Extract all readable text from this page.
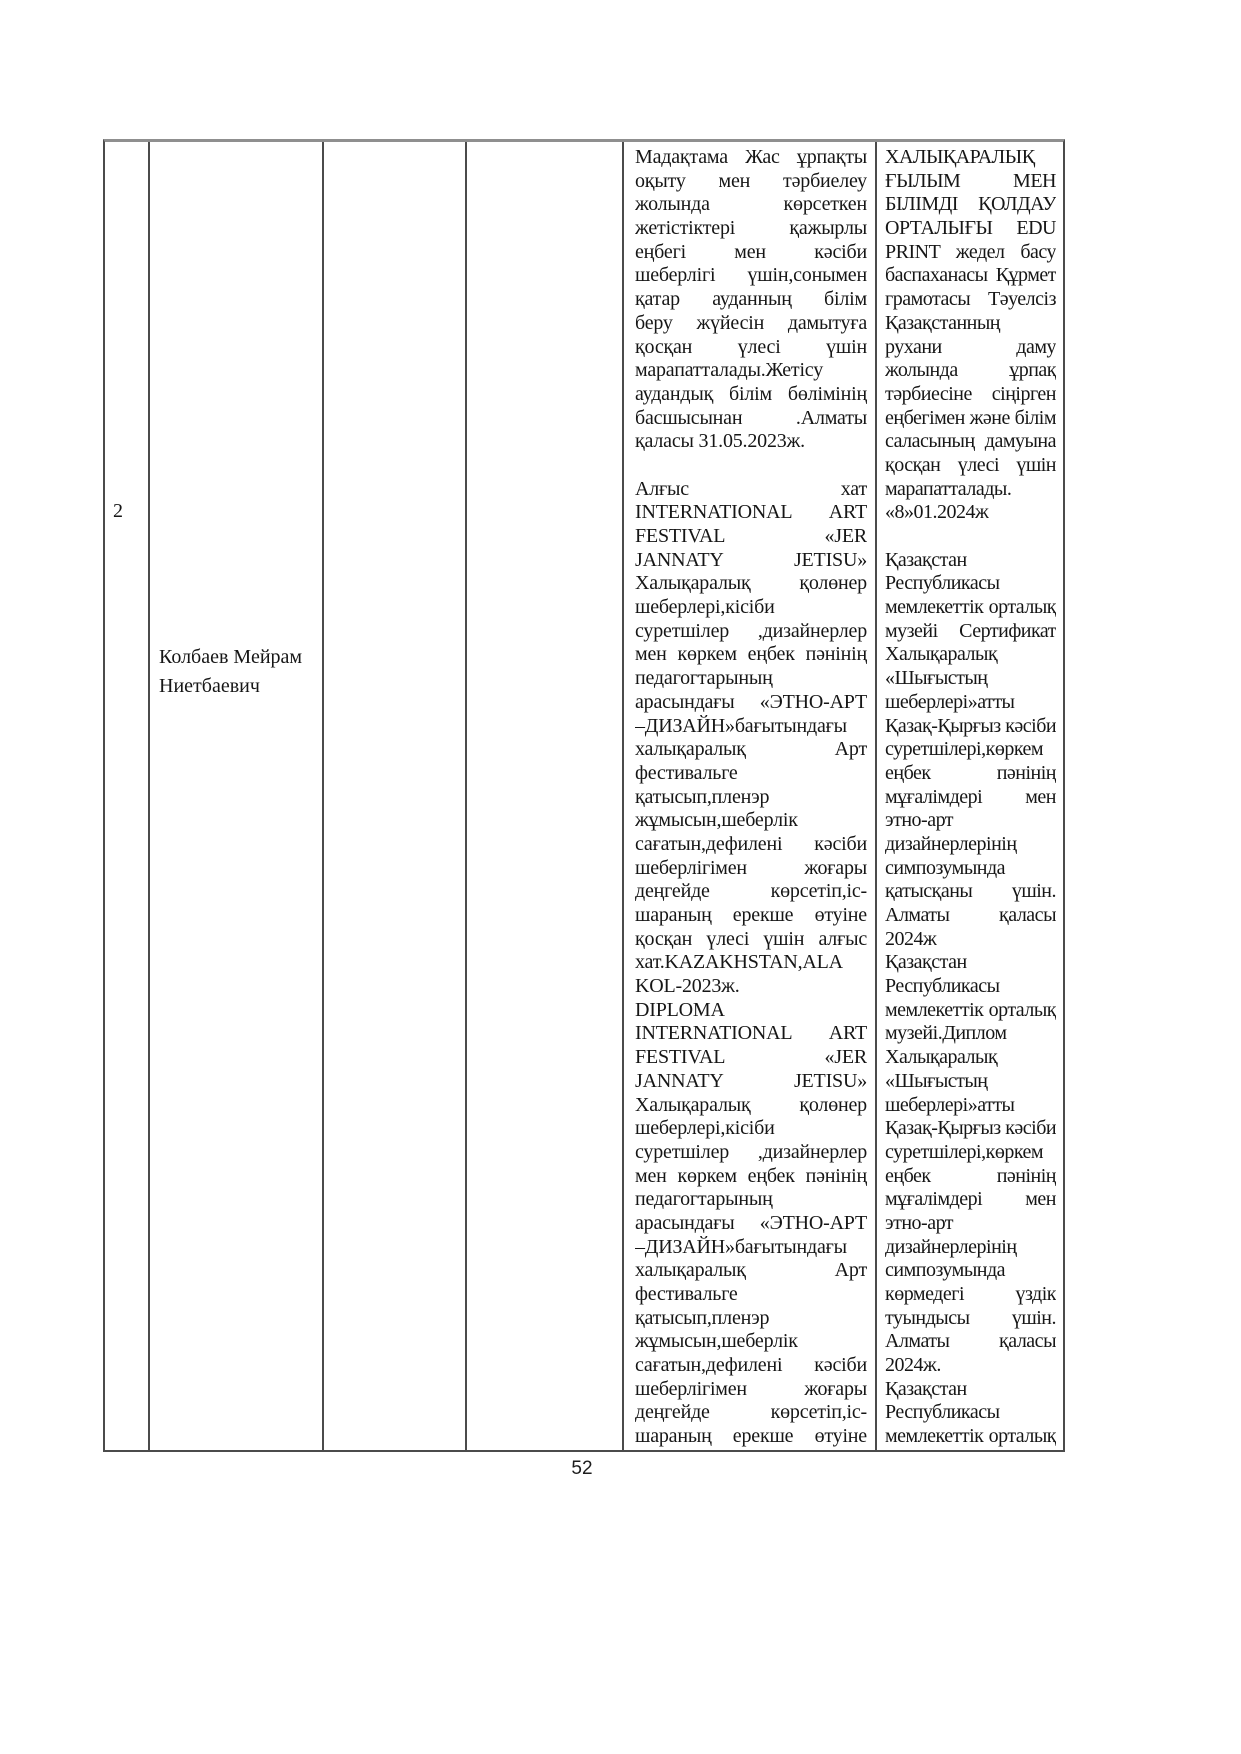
2
Колбаев Мейрам
Ниетбаевич
Мадақтама Жас ұрпақты
оқыту мен тәрбиелеу
жолында көрсеткен
жетістіктері қажырлы
еңбегі мен кәсіби
шеберлігі үшін,сонымен
қатар ауданның білім
беру жүйесін дамытуға
қосқан үлесі үшін
марапатталады.Жетісу
аудандық білім бөлімінің
басшысынан .Алматы
қаласы 31.05.2023ж.

Алғыс хат
INTERNATIONAL ART
FESTIVAL «JER
JANNATY JETISU»
Халықаралық қолөнер
шеберлері,кісіби
суретшілер ,дизайнерлер
мен көркем еңбек пәнінің
педагогтарының
арасындағы «ЭТНО-АРТ
–ДИЗАЙН»бағытындағы
халықаралық Арт
фестивальге
қатысып,пленэр
жұмысын,шеберлік
сағатын,дефилені кәсіби
шеберлігімен жоғары
деңгейде көрсетіп,іс-
шараның ерекше өтуіне
қосқан үлесі үшін алғыс
хат.KAZAKHSTAN,ALA
KOL-2023ж.
DIPLOMA
INTERNATIONAL ART
FESTIVAL «JER
JANNATY JETISU»
Халықаралық қолөнер
шеберлері,кісіби
суретшілер ,дизайнерлер
мен көркем еңбек пәнінің
педагогтарының
арасындағы «ЭТНО-АРТ
–ДИЗАЙН»бағытындағы
халықаралық Арт
фестивальге
қатысып,пленэр
жұмысын,шеберлік
сағатын,дефилені кәсіби
шеберлігімен жоғары
деңгейде көрсетіп,іс-
шараның ерекше өтуіне
ХАЛЫҚАРАЛЫҚ
ҒЫЛЫМ МЕН
БІЛІМДІ ҚОЛДАУ
ОРТАЛЫҒЫ EDU
PRINT жедел басу
баспаханасы Құрмет
грамотасы Тәуелсіз
Қазақстанның
рухани даму
жолында ұрпақ
тәрбиесіне сіңірген
еңбегімен және білім
саласының дамуына
қосқан үлесі үшін
марапатталады.
«8»01.2024ж

Қазақстан
Республикасы
мемлекеттік орталық
музейі Сертификат
Халықаралық
«Шығыстың
шеберлері»атты
Қазақ-Қырғыз кәсіби
суретшілері,көркем
еңбек пәнінің
мұғалімдері мен
этно-арт
дизайнерлерінің
симпозумында
қатысқаны үшін.
Алматы қаласы
2024ж
Қазақстан
Республикасы
мемлекеттік орталық
музейі.Диплом
Халықаралық
«Шығыстың
шеберлері»атты
Қазақ-Қырғыз кәсіби
суретшілері,көркем
еңбек пәнінің
мұғалімдері мен
этно-арт
дизайнерлерінің
симпозумында
көрмедегі үздік
туындысы үшін.
Алматы қаласы
2024ж.
Қазақстан
Республикасы
мемлекеттік орталық
52
